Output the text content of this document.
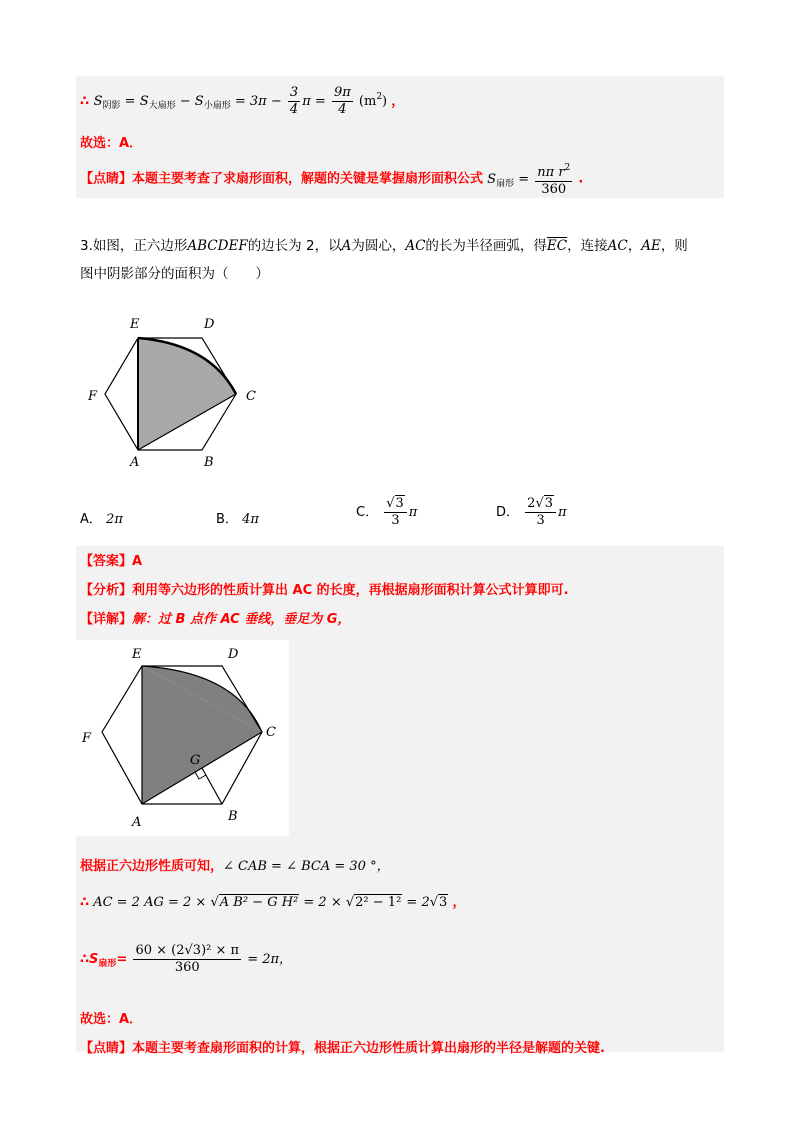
∴ $S_{阴影} = S_{大扇形} - S_{小扇形} = 3\pi - \frac{3}{4}$ $\pi = \frac{9\pi}{4} (m^2)$ ，
故选：A．
【点睛】本题主要考查了求扇形面积，解题的关键是掌握扇形面积公式 $S_{扇形} = \frac{n\pi r^2}{360}$ .
3.如图，正六边形ABCDEF的边长为 2，以A为圆心，AC的长为半径画弧，得$\overline{EC}$，连接AC，AE，则
图中阴影部分的面积为（　　）
E	D
F	C
A	B
A． 2π	B． 4π	C． $\frac{√3}{3}$ π	D． $\frac{2√3}{3}$ π
【答案】A
【分析】利用等六边形的性质计算出 AC 的长度，再根据扇形面积计算公式计算即可.
【详解】解：过 B 点作 AC 垂线，垂足为 G，
E	D
F	C
G
A	B
根据正六边形性质可知，∠ CAB = ∠ BCA = 30 °，
∴ AC = 2 AG = 2 × √A B² − G H² = 2 × √2² − 1² = 2√3 ，
$\therefore S_{扇形}= \frac{\text{60 × (2√3)² × π}}{360} = 2\pi$，
故选：A．
【点睛】本题主要考查扇形面积的计算，根据正六边形性质计算出扇形的半径是解题的关键.
